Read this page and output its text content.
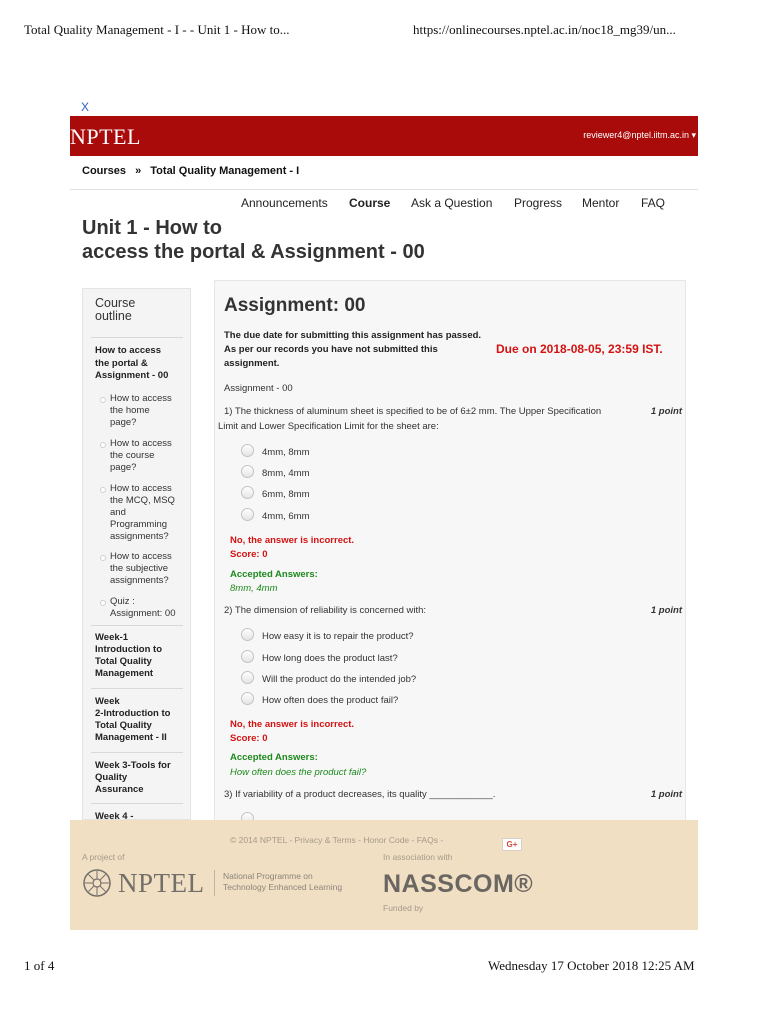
Total Quality Management - I - - Unit 1 - How to...	https://onlinecourses.nptel.ac.in/noc18_mg39/un...
X
NPTEL	reviewer4@nptel.iitm.ac.in ▾
Courses » Total Quality Management - I
Announcements Course Ask a Question Progress Mentor FAQ
Unit 1 - How to
access the portal & Assignment - 00
Course
outline
How to access
the portal &
Assignment - 00
How to access
the home
page?
How to access
the course
page?
How to access
the MCQ, MSQ
and
Programming
assignments?
How to access
the subjective
assignments?
Quiz :
Assignment: 00
Week-1
Introduction to
Total Quality
Management
Week
2-Introduction to
Total Quality
Management - II
Week 3-Tools for
Quality
Assurance
Week 4 -
Assignment: 00
The due date for submitting this assignment has passed.
As per our records you have not submitted this
assignment.
Due on 2018-08-05, 23:59 IST.
Assignment - 00
1) The thickness of aluminum sheet is specified to be of 6±2 mm. The Upper Specification
Limit and Lower Specification Limit for the sheet are:
1 point
4mm, 8mm
8mm, 4mm
6mm, 8mm
4mm, 6mm
No, the answer is incorrect.
Score: 0
Accepted Answers:
8mm, 4mm
2) The dimension of reliability is concerned with:	1 point
How easy it is to repair the product?
How long does the product last?
Will the product do the intended job?
How often does the product fail?
No, the answer is incorrect.
Score: 0
Accepted Answers:
How often does the product fail?
3) If variability of a product decreases, its quality ____________.	1 point
© 2014 NPTEL - Privacy & Terms - Honor Code - FAQs -	G+
A project of	In association with
NPTEL National Programme on
Technology Enhanced Learning NASSCOM®
Funded by
1 of 4	Wednesday 17 October 2018 12:25 AM
